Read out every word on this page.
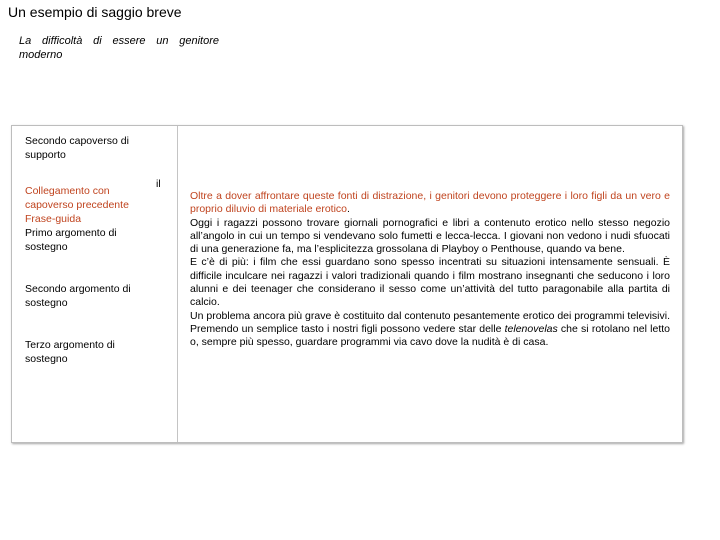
Un esempio di saggio breve
La difficoltà di essere un genitore moderno
Secondo capoverso di supporto
Collegamento con
capoverso precedente
Frase-guida
Primo argomento di sostegno
Secondo argomento di sostegno
Terzo argomento di sostegno
il

Oltre a dover affrontare queste fonti di distrazione, i genitori devono proteggere i loro figli da un vero e proprio diluvio di materiale erotico.

Oggi i ragazzi possono trovare giornali pornografici e libri a contenuto erotico nello stesso negozio all’angolo in cui un tempo si vendevano solo fumetti e lecca-lecca. I giovani non vedono i nudi sfuocati di una generazione fa, ma l’esplicitezza grossolana di Playboy o Penthouse, quando va bene.

E c’è di più: i film che essi guardano sono spesso incentrati su situazioni intensamente sensuali. È difficile inculcare nei ragazzi i valori tradizionali quando i film mostrano insegnanti che seducono i loro alunni e dei teenager che considerano il sesso come un’attività del tutto paragonabile alla partita di calcio.

Un problema ancora più grave è costituito dal contenuto pesantemente erotico dei programmi televisivi. Premendo un semplice tasto i nostri figli possono vedere star delle telenovelas che si rotolano nel letto o, sempre più spesso, guardare programmi via cavo dove la nudità è di casa.
